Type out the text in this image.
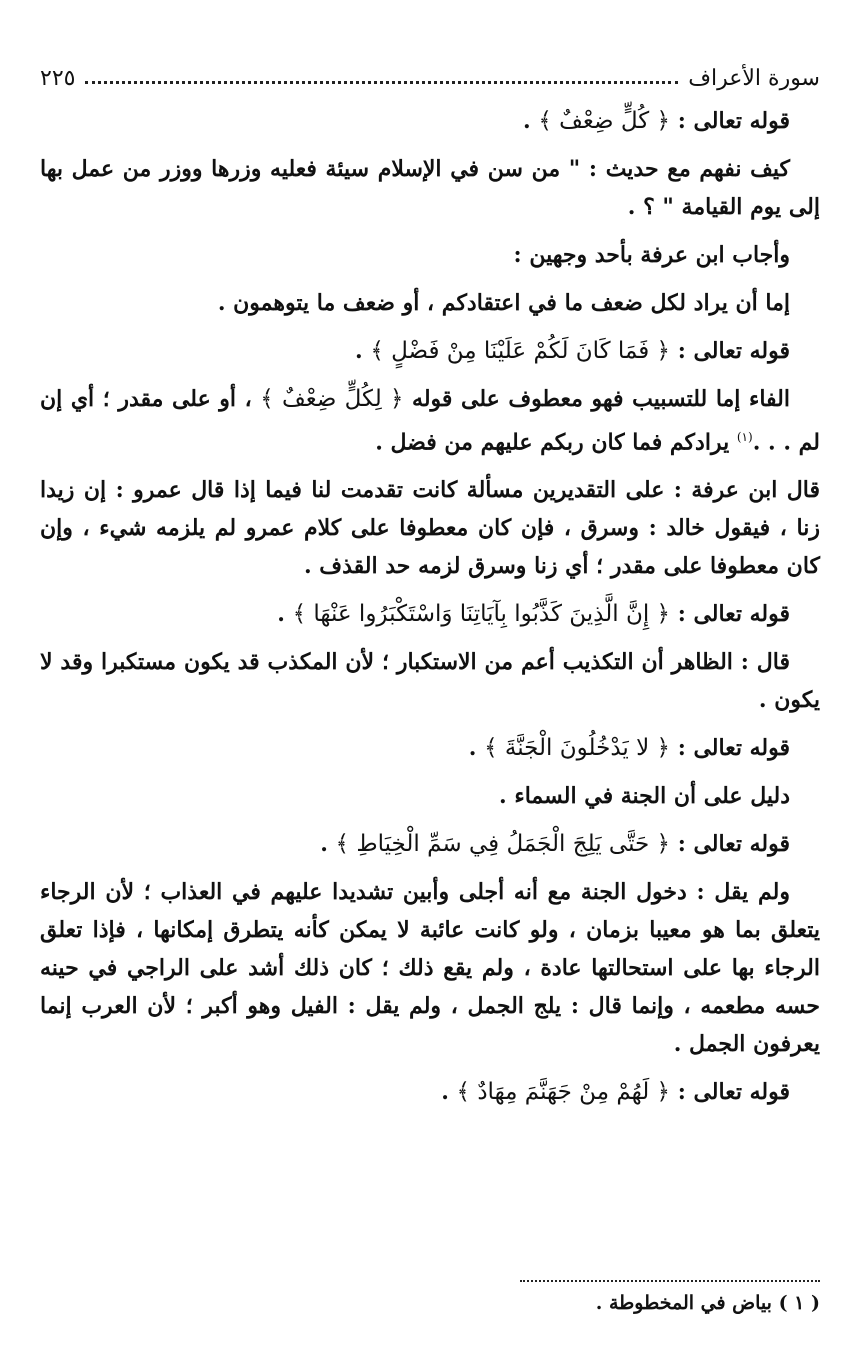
سورة الأعراف
٢٢٥

قوله تعالى : ﴿ كُلٍّ ضِعْفٌ ﴾ .

كيف نفهم مع حديث : " من سن في الإسلام سيئة فعليه وزرها ووزر من عمل بها إلى يوم القيامة " ؟ .

وأجاب ابن عرفة بأحد وجهين :

إما أن يراد لكل ضعف ما في اعتقادكم ، أو ضعف ما يتوهمون .

قوله تعالى : ﴿ فَمَا كَانَ لَكُمْ عَلَيْنَا مِنْ فَضْلٍ ﴾ .

الفاء إما للتسبيب فهو معطوف على قوله ﴿ لِكُلٍّ ضِعْفٌ ﴾ ، أو على مقدر ؛ أي إن لم . . .$^{(١)}$ يرادكم فما كان ربكم عليهم من فضل .

قال ابن عرفة : على التقديرين مسألة كانت تقدمت لنا فيما إذا قال عمرو : إن زيدا زنا ، فيقول خالد : وسرق ، فإن كان معطوفا على كلام عمرو لم يلزمه شيء ، وإن كان معطوفا على مقدر ؛ أي زنا وسرق لزمه حد القذف .

قوله تعالى : ﴿ إِنَّ الَّذِينَ كَذَّبُوا بِآيَاتِنَا وَاسْتَكْبَرُوا عَنْهَا ﴾ .

قال : الظاهر أن التكذيب أعم من الاستكبار ؛ لأن المكذب قد يكون مستكبرا وقد لا يكون .

قوله تعالى : ﴿ لا يَدْخُلُونَ الْجَنَّةَ ﴾ .

دليل على أن الجنة في السماء .

قوله تعالى : ﴿ حَتَّى يَلِجَ الْجَمَلُ فِي سَمِّ الْخِيَاطِ ﴾ .

ولم يقل : دخول الجنة مع أنه أجلى وأبين تشديدا عليهم في العذاب ؛ لأن الرجاء يتعلق بما هو معيبا بزمان ، ولو كانت عائبة لا يمكن كأنه يتطرق إمكانها ، فإذا تعلق الرجاء بها على استحالتها عادة ، ولم يقع ذلك ؛ كان ذلك أشد على الراجي في حينه حسه مطعمه ، وإنما قال : يلج الجمل ، ولم يقل : الفيل وهو أكبر ؛ لأن العرب إنما يعرفون الجمل .

قوله تعالى : ﴿ لَهُمْ مِنْ جَهَنَّمَ مِهَادٌ ﴾ .

( ١ ) بياض في المخطوطة .
